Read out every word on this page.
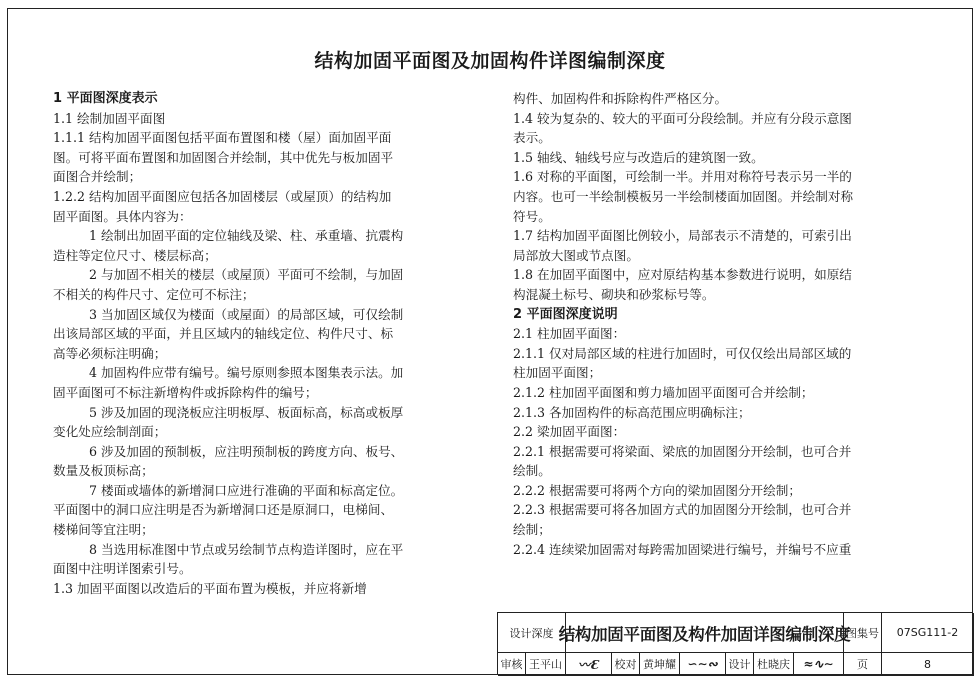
结构加固平面图及加固构件详图编制深度
1 平面图深度表示
1.1 绘制加固平面图
1.1.1 结构加固平面图包括平面布置图和楼（屋）面加固平面
图。可将平面布置图和加固图合并绘制，其中优先与板加固平
面图合并绘制；
1.2.2 结构加固平面图应包括各加固楼层（或屋顶）的结构加
固平面图。具体内容为：
1 绘制出加固平面的定位轴线及梁、柱、承重墙、抗震构
造柱等定位尺寸、楼层标高；
2 与加固不相关的楼层（或屋顶）平面可不绘制，与加固
不相关的构件尺寸、定位可不标注；
3 当加固区域仅为楼面（或屋面）的局部区域，可仅绘制
出该局部区域的平面，并且区域内的轴线定位、构件尺寸、标
高等必须标注明确；
4 加固构件应带有编号。编号原则参照本图集表示法。加
固平面图可不标注新增构件或拆除构件的编号；
5 涉及加固的现浇板应注明板厚、板面标高，标高或板厚
变化处应绘制剖面；
6 涉及加固的预制板，应注明预制板的跨度方向、板号、
数量及板顶标高；
7 楼面或墙体的新增洞口应进行准确的平面和标高定位。
平面图中的洞口应注明是否为新增洞口还是原洞口，电梯间、
楼梯间等宜注明；
8 当选用标准图中节点或另绘制节点构造详图时，应在平
面图中注明详图索引号。
1.3 加固平面图以改造后的平面布置为模板，并应将新增
构件、加固构件和拆除构件严格区分。
1.4 较为复杂的、较大的平面可分段绘制。并应有分段示意图
表示。
1.5 轴线、轴线号应与改造后的建筑图一致。
1.6 对称的平面图，可绘制一半。并用对称符号表示另一半的
内容。也可一半绘制模板另一半绘制楼面加固图。并绘制对称
符号。
1.7 结构加固平面图比例较小，局部表示不清楚的，可索引出
局部放大图或节点图。
1.8 在加固平面图中，应对原结构基本参数进行说明，如原结
构混凝土标号、砌块和砂浆标号等。
2 平面图深度说明
2.1 柱加固平面图：
2.1.1 仅对局部区域的柱进行加固时，可仅仅绘出局部区域的
柱加固平面图；
2.1.2 柱加固平面图和剪力墙加固平面图可合并绘制；
2.1.3 各加固构件的标高范围应明确标注；
2.2 梁加固平面图：
2.2.1 根据需要可将梁面、梁底的加固图分开绘制，也可合并
绘制。
2.2.2 根据需要可将两个方向的梁加固图分开绘制；
2.2.3 根据需要可将各加固方式的加固图分开绘制，也可合并
绘制；
2.2.4 连续梁加固需对每跨需加固梁进行编号，并编号不应重
设计深度 结构加固平面图及构件加固详图编制深度
图集号 07SG111-2
审核 王平山 〰Ɛ 校对 黄坤耀 ∽∼∾ 设计 杜晓庆 ≈∿∼ 页	8
